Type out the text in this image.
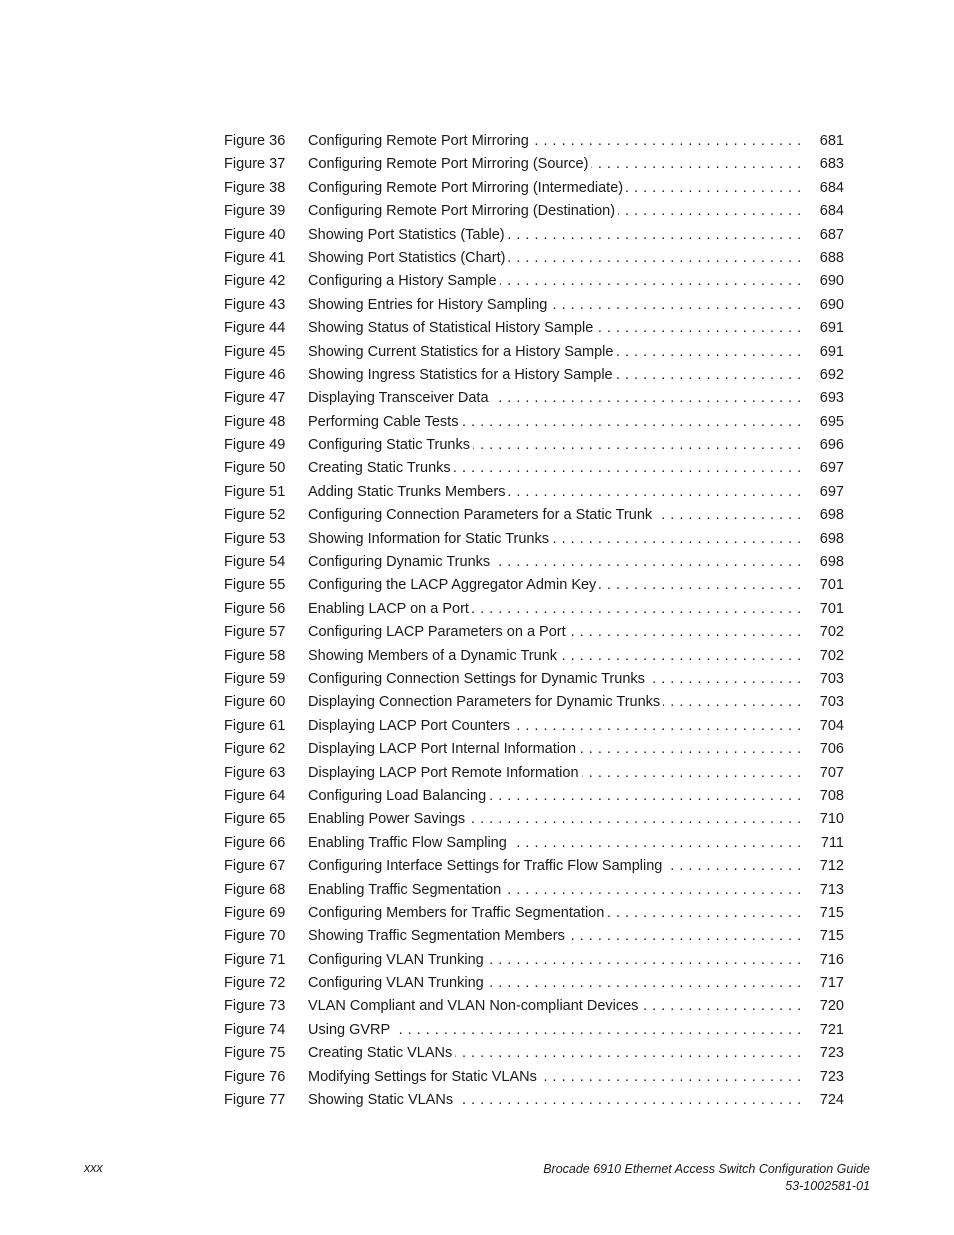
Figure 36	Configuring Remote Port Mirroring . . .	681
Figure 37	Configuring Remote Port Mirroring (Source) . . .	683
Figure 38	Configuring Remote Port Mirroring (Intermediate) . . .	684
Figure 39	Configuring Remote Port Mirroring (Destination) . . .	684
Figure 40	Showing Port Statistics (Table) . . .	687
Figure 41	Showing Port Statistics (Chart) . . .	688
Figure 42	Configuring a History Sample . . .	690
Figure 43	Showing Entries for History Sampling . . .	690
Figure 44	Showing Status of Statistical History Sample . . .	691
Figure 45	Showing Current Statistics for a History Sample . . .	691
Figure 46	Showing Ingress Statistics for a History Sample . . .	692
Figure 47	Displaying Transceiver Data . . .	693
Figure 48	Performing Cable Tests . . .	695
Figure 49	Configuring Static Trunks . . .	696
Figure 50	Creating Static Trunks . . .	697
Figure 51	Adding Static Trunks Members . . .	697
Figure 52	Configuring Connection Parameters for a Static Trunk . . .	698
Figure 53	Showing Information for Static Trunks . . .	698
Figure 54	Configuring Dynamic Trunks . . .	698
Figure 55	Configuring the LACP Aggregator Admin Key . . .	701
Figure 56	Enabling LACP on a Port . . .	701
Figure 57	Configuring LACP Parameters on a Port . . .	702
Figure 58	Showing Members of a Dynamic Trunk . . .	702
Figure 59	Configuring Connection Settings for Dynamic Trunks . . .	703
Figure 60	Displaying Connection Parameters for Dynamic Trunks . . .	703
Figure 61	Displaying LACP Port Counters . . .	704
Figure 62	Displaying LACP Port Internal Information . . .	706
Figure 63	Displaying LACP Port Remote Information . . .	707
Figure 64	Configuring Load Balancing . . .	708
Figure 65	Enabling Power Savings . . .	710
Figure 66	Enabling Traffic Flow Sampling . . .	711
Figure 67	Configuring Interface Settings for Traffic Flow Sampling . . .	712
Figure 68	Enabling Traffic Segmentation . . .	713
Figure 69	Configuring Members for Traffic Segmentation . . .	715
Figure 70	Showing Traffic Segmentation Members . . .	715
Figure 71	Configuring VLAN Trunking . . .	716
Figure 72	Configuring VLAN Trunking . . .	717
Figure 73	VLAN Compliant and VLAN Non-compliant Devices . . .	720
Figure 74	Using GVRP . . .	721
Figure 75	Creating Static VLANs . . .	723
Figure 76	Modifying Settings for Static VLANs . . .	723
Figure 77	Showing Static VLANs . . .	724
xxx	Brocade 6910 Ethernet Access Switch Configuration Guide
53-1002581-01
